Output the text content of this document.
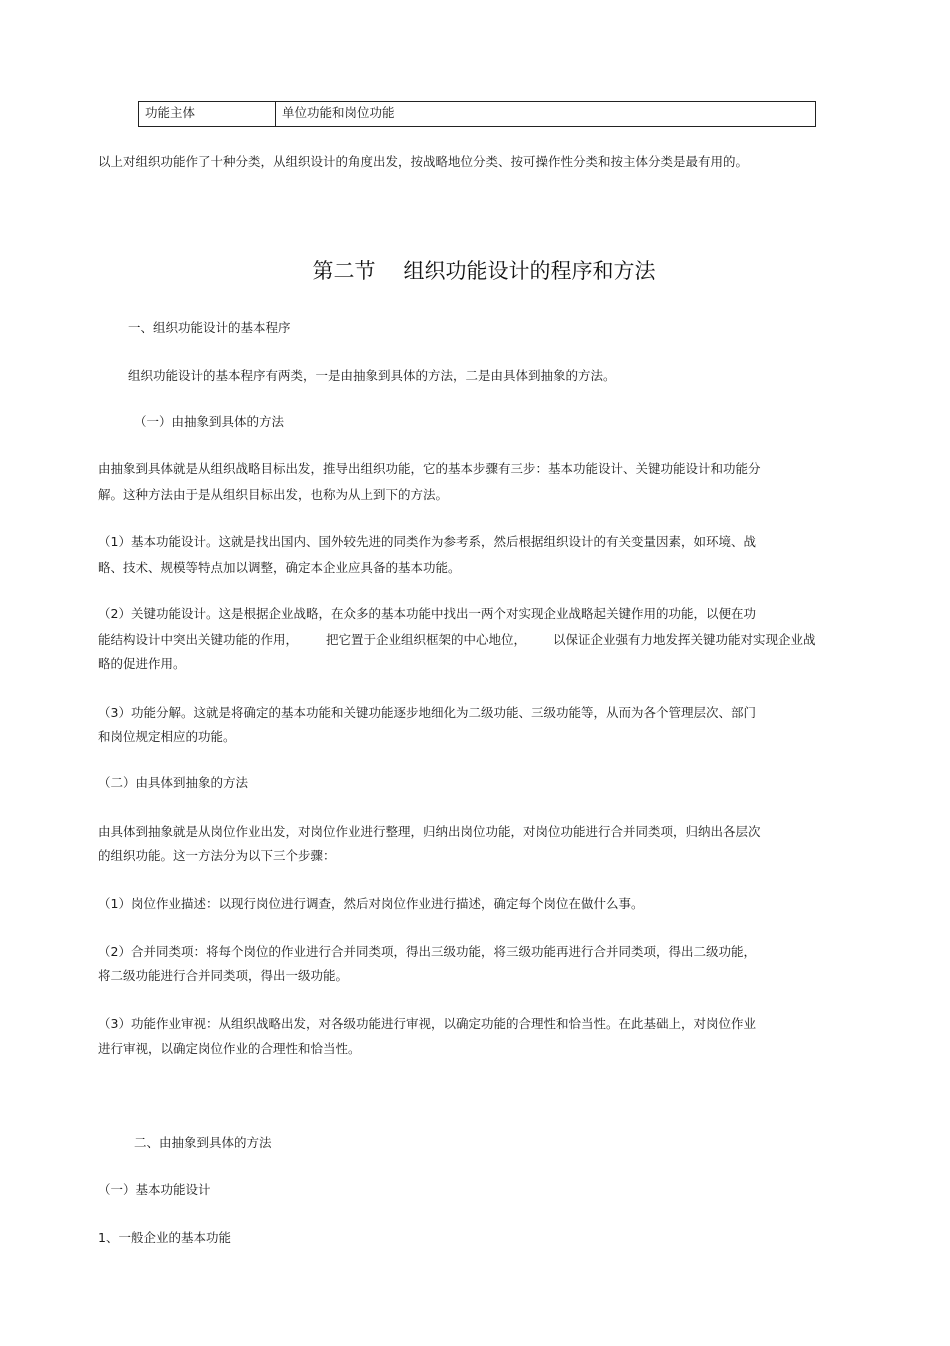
功能主体	单位功能和岗位功能
以上对组织功能作了十种分类，从组织设计的角度出发，按战略地位分类、按可操作性分类和按主体分类是最有用的。
第二节 组织功能设计的程序和方法
一、组织功能设计的基本程序
组织功能设计的基本程序有两类，一是由抽象到具体的方法，二是由具体到抽象的方法。
（一）由抽象到具体的方法
由抽象到具体就是从组织战略目标出发，推导出组织功能，它的基本步骤有三步：基本功能设计、关键功能设计和功能分
解。这种方法由于是从组织目标出发，也称为从上到下的方法。
（1）基本功能设计。这就是找出国内、国外较先进的同类作为参考系，然后根据组织设计的有关变量因素，如环境、战
略、技术、规模等特点加以调整，确定本企业应具备的基本功能。
（2）关键功能设计。这是根据企业战略，在众多的基本功能中找出一两个对实现企业战略起关键作用的功能，以便在功
能结构设计中突出关键功能的作用， 把它置于企业组织框架的中心地位， 以保证企业强有力地发挥关键功能对实现企业战
略的促进作用。
（3）功能分解。这就是将确定的基本功能和关键功能逐步地细化为二级功能、三级功能等，从而为各个管理层次、部门
和岗位规定相应的功能。
（二）由具体到抽象的方法
由具体到抽象就是从岗位作业出发，对岗位作业进行整理，归纳出岗位功能，对岗位功能进行合并同类项，归纳出各层次
的组织功能。这一方法分为以下三个步骤：
（1）岗位作业描述：以现行岗位进行调查，然后对岗位作业进行描述，确定每个岗位在做什么事。
（2）合并同类项：将每个岗位的作业进行合并同类项，得出三级功能，将三级功能再进行合并同类项，得出二级功能，
将二级功能进行合并同类项，得出一级功能。
（3）功能作业审视：从组织战略出发，对各级功能进行审视，以确定功能的合理性和恰当性。在此基础上，对岗位作业
进行审视，以确定岗位作业的合理性和恰当性。
二、由抽象到具体的方法
（一）基本功能设计
1、一般企业的基本功能
